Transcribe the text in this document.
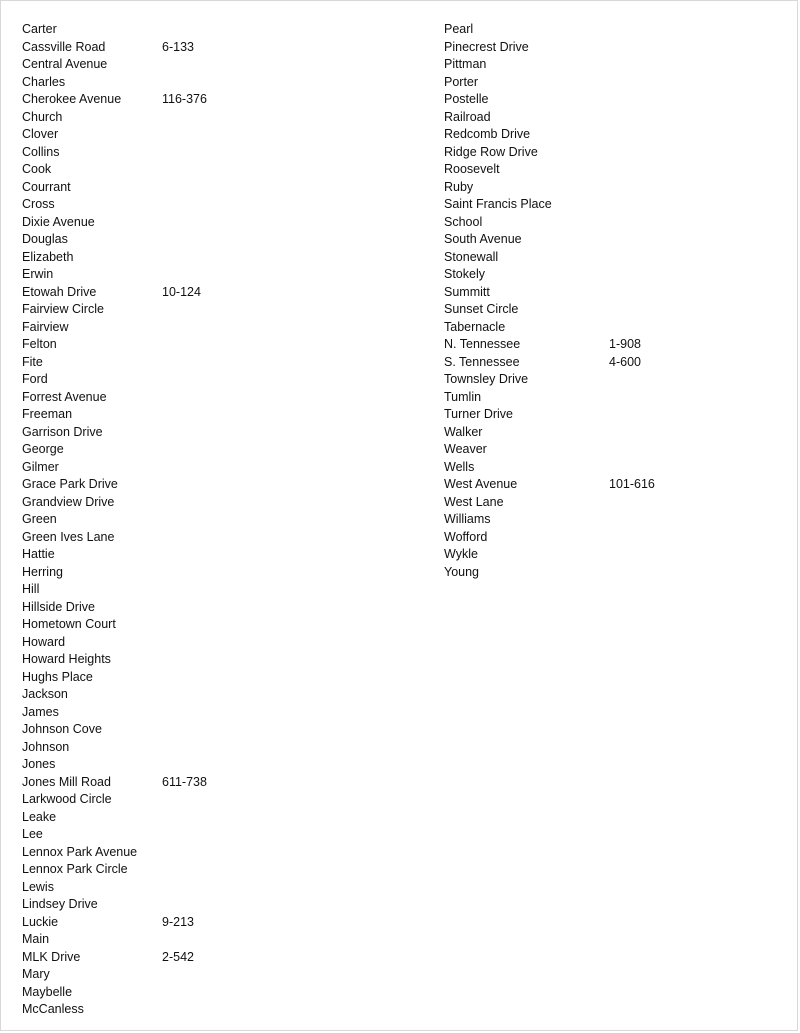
Carter
Cassville Road	6-133
Central Avenue
Charles
Cherokee Avenue	116-376
Church
Clover
Collins
Cook
Courrant
Cross
Dixie Avenue
Douglas
Elizabeth
Erwin
Etowah Drive	10-124
Fairview Circle
Fairview
Felton
Fite
Ford
Forrest Avenue
Freeman
Garrison Drive
George
Gilmer
Grace Park Drive
Grandview Drive
Green
Green Ives Lane
Hattie
Herring
Hill
Hillside Drive
Hometown Court
Howard
Howard Heights
Hughs Place
Jackson
James
Johnson Cove
Johnson
Jones
Jones Mill Road	611-738
Larkwood Circle
Leake
Lee
Lennox Park Avenue
Lennox Park Circle
Lewis
Lindsey Drive
Luckie	9-213
Main
MLK Drive	2-542
Mary
Maybelle
McCanless
Pearl
Pinecrest Drive
Pittman
Porter
Postelle
Railroad
Redcomb Drive
Ridge Row Drive
Roosevelt
Ruby
Saint Francis Place
School
South Avenue
Stonewall
Stokely
Summitt
Sunset Circle
Tabernacle
N. Tennessee	1-908
S. Tennessee	4-600
Townsley Drive
Tumlin
Turner Drive
Walker
Weaver
Wells
West Avenue	101-616
West Lane
Williams
Wofford
Wykle
Young
